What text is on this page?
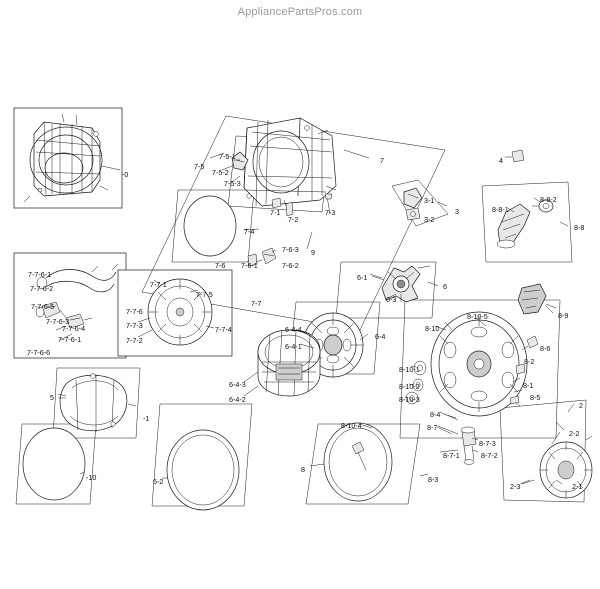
AppliancePartsPros.com
-0
-1
2
2-2
2-1
2-3
3
3-1
3-2
4
5
6
6-1
6-2
6-3
6-4
6-4-1
6-4-2
6-4-3
6-4-4
7
7-1
7-2
7-3
7-4
7-5
7-5-1
7-5-2
7-5-3
7-6 7-6-1	7-6-2
7-6-3
7-7
7-7-1
7-7-2
7-7-3	7-7-4
7-7-5
7-7-6
7-7-6-1
7-7-6-2
7-7-6-5
7-7-6-3
7-7-6-4
7-7-6-1
7-7-6-6
8
8-1
8-2
8-3
8-4
8-5
8-6
8-7
8-7-1	8-7-2
8-7-3
8-8
8-8-1
8-8-2
8-9
8-10
8-10-1
8-10-2
8-10-3
8-10-4
8-10-5
9
-10
